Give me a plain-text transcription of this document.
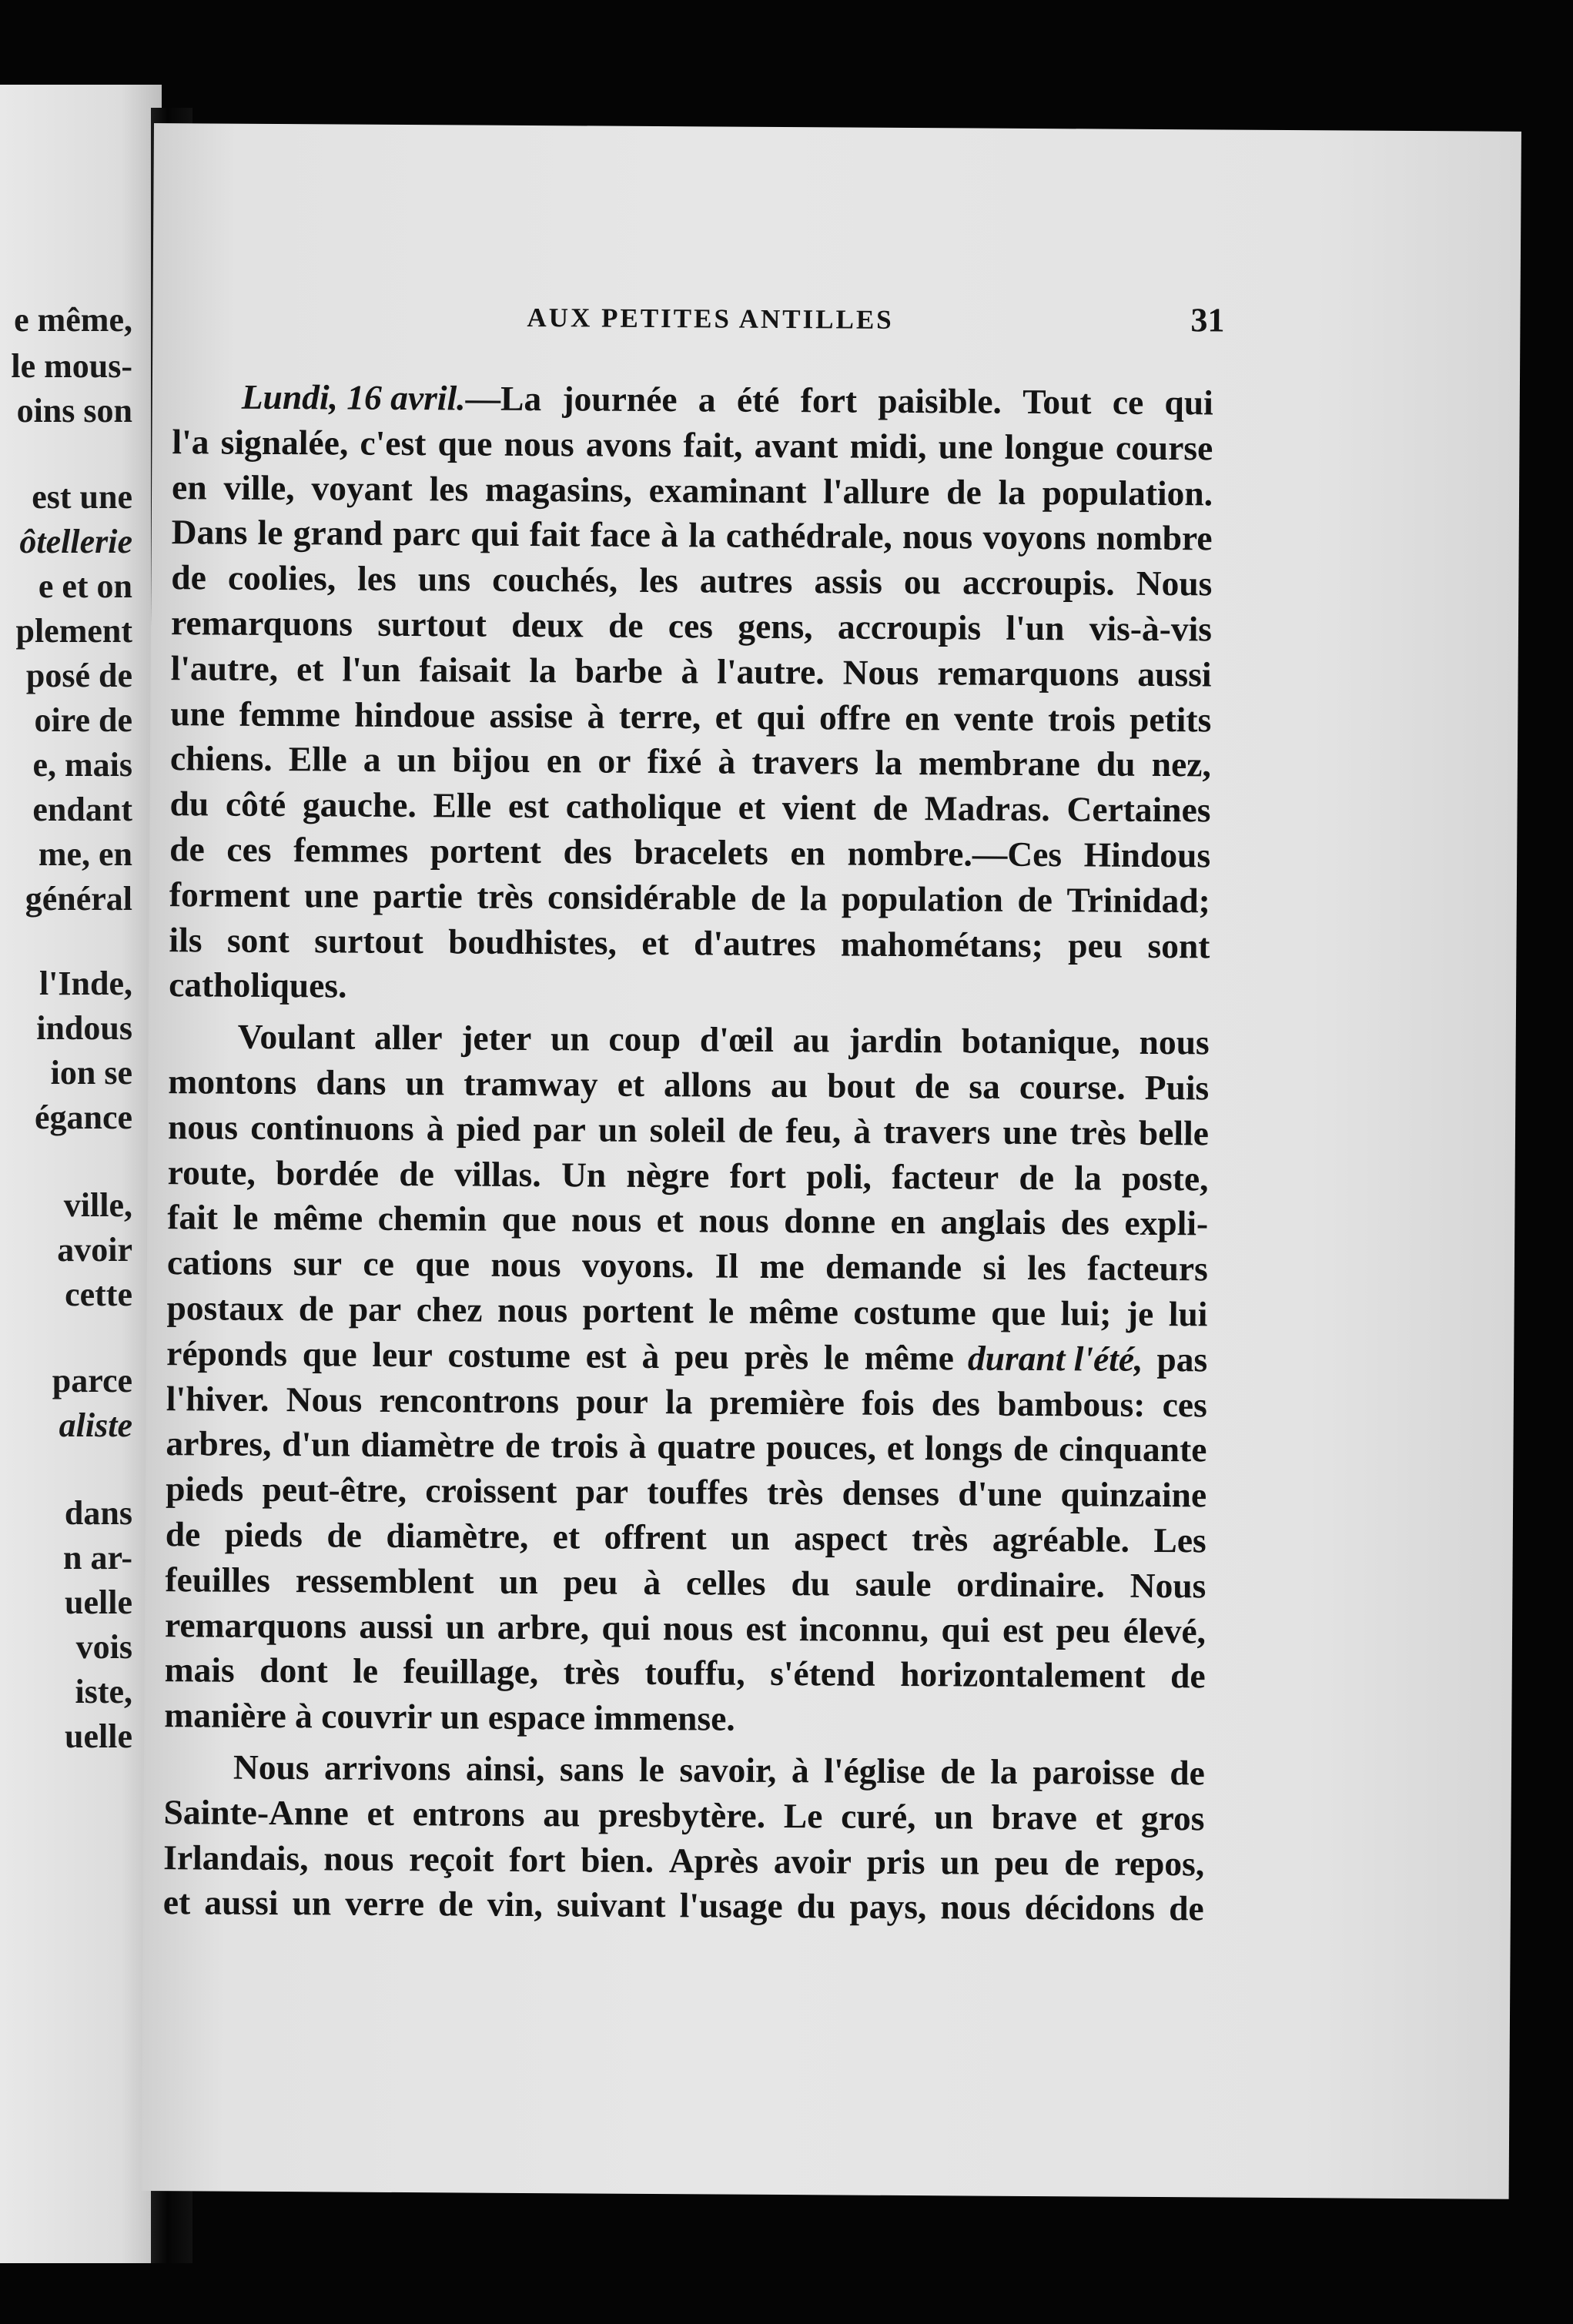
e même,
le mous-
oins son
est une
ôtellerie
e et on
plement
posé de
oire de
e, mais
endant
me, en
général
l'Inde,
indous
ion se
égance
ville,
avoir
cette
parce
aliste
dans
n ar-
uelle
vois
iste,
uelle
AUX PETITES ANTILLES	31
Lundi, 16 avril. —La journée a été fort paisible. Tout ce qui
l'a signalée, c'est que nous avons fait, avant midi, une longue course
en ville, voyant les magasins, examinant l'allure de la population.
Dans le grand parc qui fait face à la cathédrale, nous voyons nombre
de coolies, les uns couchés, les autres assis ou accroupis. Nous
remarquons surtout deux de ces gens, accroupis l'un vis-à-vis
l'autre, et l'un faisait la barbe à l'autre. Nous remarquons aussi
une femme hindoue assise à terre, et qui offre en vente trois petits
chiens. Elle a un bijou en or fixé à travers la membrane du nez,
du côté gauche. Elle est catholique et vient de Madras. Certaines
de ces femmes portent des bracelets en nombre.—Ces Hindous
forment une partie très considérable de la population de Trinidad;
ils sont surtout boudhistes, et d'autres mahométans; peu sont
catholiques.
Voulant aller jeter un coup d'œil au jardin botanique, nous
montons dans un tramway et allons au bout de sa course. Puis
nous continuons à pied par un soleil de feu, à travers une très belle
route, bordée de villas. Un nègre fort poli, facteur de la poste,
fait le même chemin que nous et nous donne en anglais des expli-
cations sur ce que nous voyons. Il me demande si les facteurs
postaux de par chez nous portent le même costume que lui; je lui
réponds que leur costume est à peu près le même durant l'été, pas
l'hiver. Nous rencontrons pour la première fois des bambous: ces
arbres, d'un diamètre de trois à quatre pouces, et longs de cinquante
pieds peut-être, croissent par touffes très denses d'une quinzaine
de pieds de diamètre, et offrent un aspect très agréable. Les
feuilles ressemblent un peu à celles du saule ordinaire. Nous
remarquons aussi un arbre, qui nous est inconnu, qui est peu élevé,
mais dont le feuillage, très touffu, s'étend horizontalement de
manière à couvrir un espace immense.
Nous arrivons ainsi, sans le savoir, à l'église de la paroisse de
Sainte-Anne et entrons au presbytère. Le curé, un brave et gros
Irlandais, nous reçoit fort bien. Après avoir pris un peu de repos,
et aussi un verre de vin, suivant l'usage du pays, nous décidons de
